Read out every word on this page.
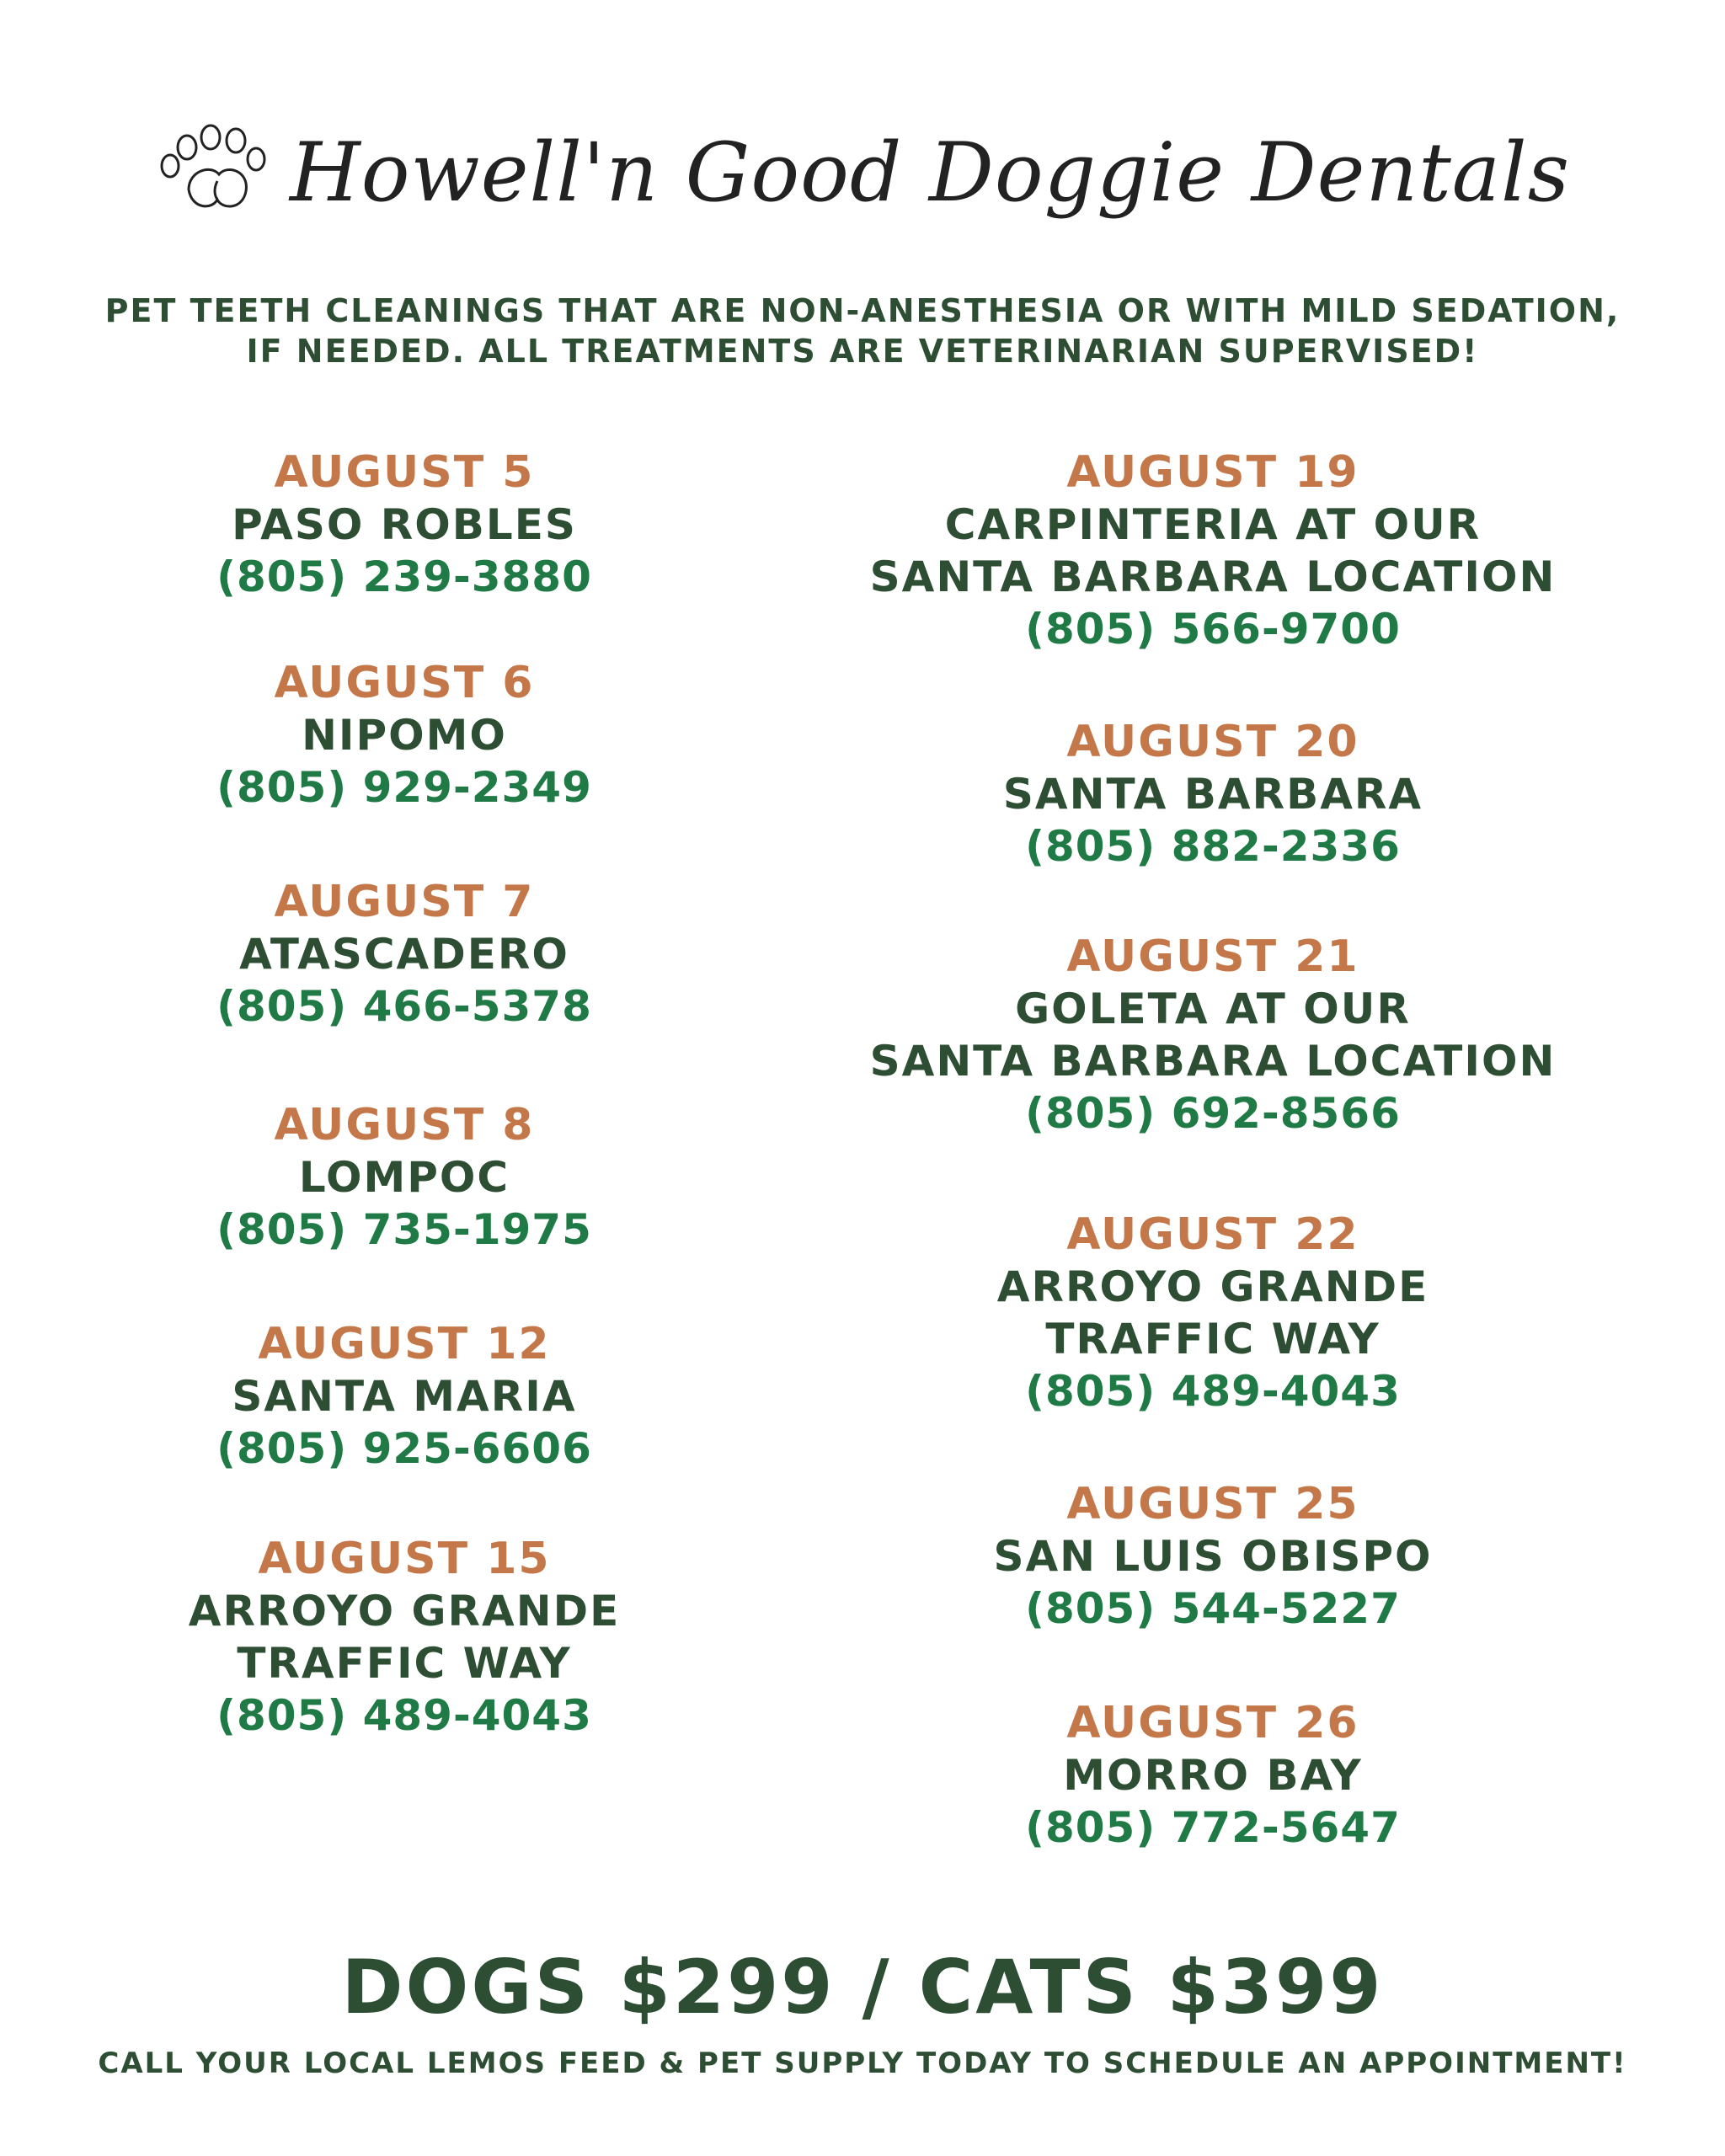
Howell'n Good Doggie Dentals
PET TEETH CLEANINGS THAT ARE NON-ANESTHESIA OR WITH MILD SEDATION,
IF NEEDED. ALL TREATMENTS ARE VETERINARIAN SUPERVISED!
AUGUST 5
PASO ROBLES
(805) 239-3880
AUGUST 6
NIPOMO
(805) 929-2349
AUGUST 7
ATASCADERO
(805) 466-5378
AUGUST 8
LOMPOC
(805) 735-1975
AUGUST 12
SANTA MARIA
(805) 925-6606
AUGUST 15
ARROYO GRANDE
TRAFFIC WAY
(805) 489-4043
AUGUST 19
CARPINTERIA AT OUR
SANTA BARBARA LOCATION
(805) 566-9700
AUGUST 20
SANTA BARBARA
(805) 882-2336
AUGUST 21
GOLETA AT OUR
SANTA BARBARA LOCATION
(805) 692-8566
AUGUST 22
ARROYO GRANDE
TRAFFIC WAY
(805) 489-4043
AUGUST 25
SAN LUIS OBISPO
(805) 544-5227
AUGUST 26
MORRO BAY
(805) 772-5647
DOGS $299 / CATS $399
CALL YOUR LOCAL LEMOS FEED & PET SUPPLY TODAY TO SCHEDULE AN APPOINTMENT!
